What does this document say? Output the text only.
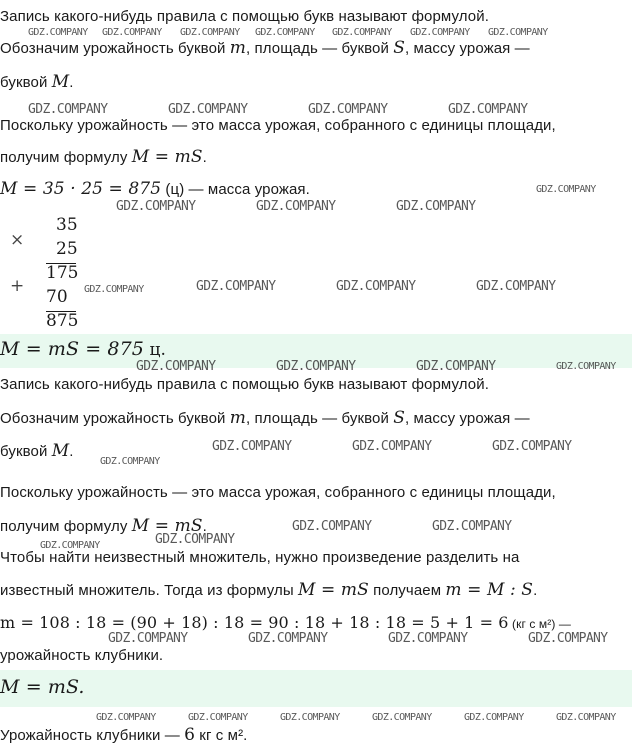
Запись какого-нибудь правила с помощью букв называют формулой.
Обозначим урожайность буквой m, площадь — буквой S, массу урожая —
буквой M.
Поскольку урожайность — это масса урожая, собранного с единицы площади,
получим формулу M = mS.
M = 35 · 25 = 875 (ц) — масса урожая.
×
35
25
175
+
70
875
M = mS = 875 ц.
Запись какого-нибудь правила с помощью букв называют формулой.
Обозначим урожайность буквой m, площадь — буквой S, массу урожая —
буквой M.
Поскольку урожайность — это масса урожая, собранного с единицы площади,
получим формулу M = mS.
Чтобы найти неизвестный множитель, нужно произведение разделить на
известный множитель. Тогда из формулы M = mS получаем m = M : S.
m = 108 : 18 = (90 + 18) : 18 = 90 : 18 + 18 : 18 = 5 + 1 = 6 (кг с м²) —
урожайность клубники.
M = mS.
Урожайность клубники — 6 кг с м².
GDZ.COMPANY GDZ.COMPANY GDZ.COMPANY GDZ.COMPANY GDZ.COMPANY GDZ.COMPANY GDZ.COMPANY
GDZ.COMPANY	GDZ.COMPANY	GDZ.COMPANY	GDZ.COMPANY
GDZ.COMPANY
GDZ.COMPANY	GDZ.COMPANY	GDZ.COMPANY
GDZ.COMPANY	GDZ.COMPANY	GDZ.COMPANY	GDZ.COMPANY
GDZ.COMPANY	GDZ.COMPANY	GDZ.COMPANY	GDZ.COMPANY
GDZ.COMPANY	GDZ.COMPANY	GDZ.COMPANY
GDZ.COMPANY
GDZ.COMPANY	GDZ.COMPANY
GDZ.COMPANY
GDZ.COMPANY
GDZ.COMPANY	GDZ.COMPANY	GDZ.COMPANY	GDZ.COMPANY
GDZ.COMPANY	GDZ.COMPANY	GDZ.COMPANY	GDZ.COMPANY	GDZ.COMPANY	GDZ.COMPANY
